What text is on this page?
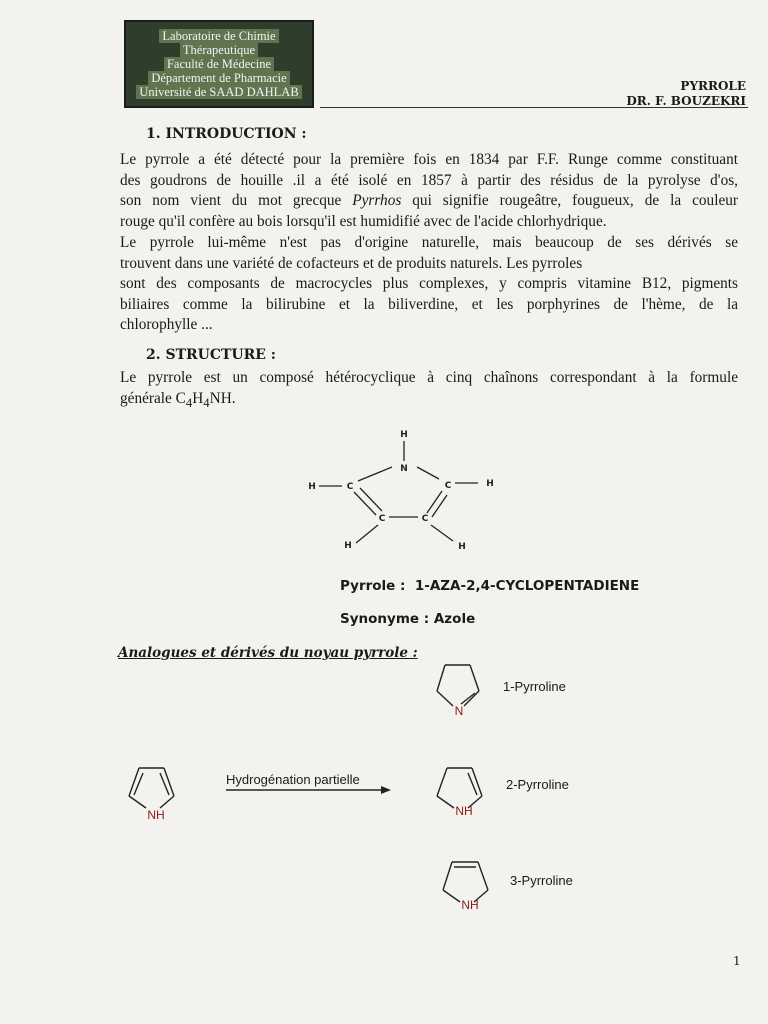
Laboratoire de Chimie
Thérapeutique
Faculté de Médecine
Département de Pharmacie
Université de SAAD DAHLAB	PYRROLE
DR. F. BOUZEKRI
1. INTRODUCTION :
Le pyrrole a été détecté pour la première fois en 1834 par F.F. Runge comme constituant
des goudrons de houille .il a été isolé en 1857 à partir des résidus de la pyrolyse d'os,
son nom vient du mot grecque Pyrrhos qui signifie rougeâtre, fougueux, de la couleur
rouge qu'il confère au bois lorsqu'il est humidifié avec de l'acide chlorhydrique.
Le pyrrole lui-même n'est pas d'origine naturelle, mais beaucoup de ses dérivés se
trouvent dans une variété de cofacteurs et de produits naturels. Les pyrroles
sont des composants de macrocycles plus complexes, y compris vitamine B12, pigments
biliaires comme la bilirubine et la biliverdine, et les porphyrines de l'hème, de la
chlorophylle ...
2. STRUCTURE :
Le pyrrole est un composé hétérocyclique à cinq chaînons correspondant à la formule
générale $C_4H_4NH$.
H
N
H	C	C	H
C	C
H	H
Pyrrole : 1-AZA-2,4-CYCLOPENTADIENE
Synonyme : Azole
Analogues et dérivés du noyau pyrrole :
N
1-Pyrroline
NH
Hydrogénation partielle
NH
2-Pyrroline
NH
3-Pyrroline
1
